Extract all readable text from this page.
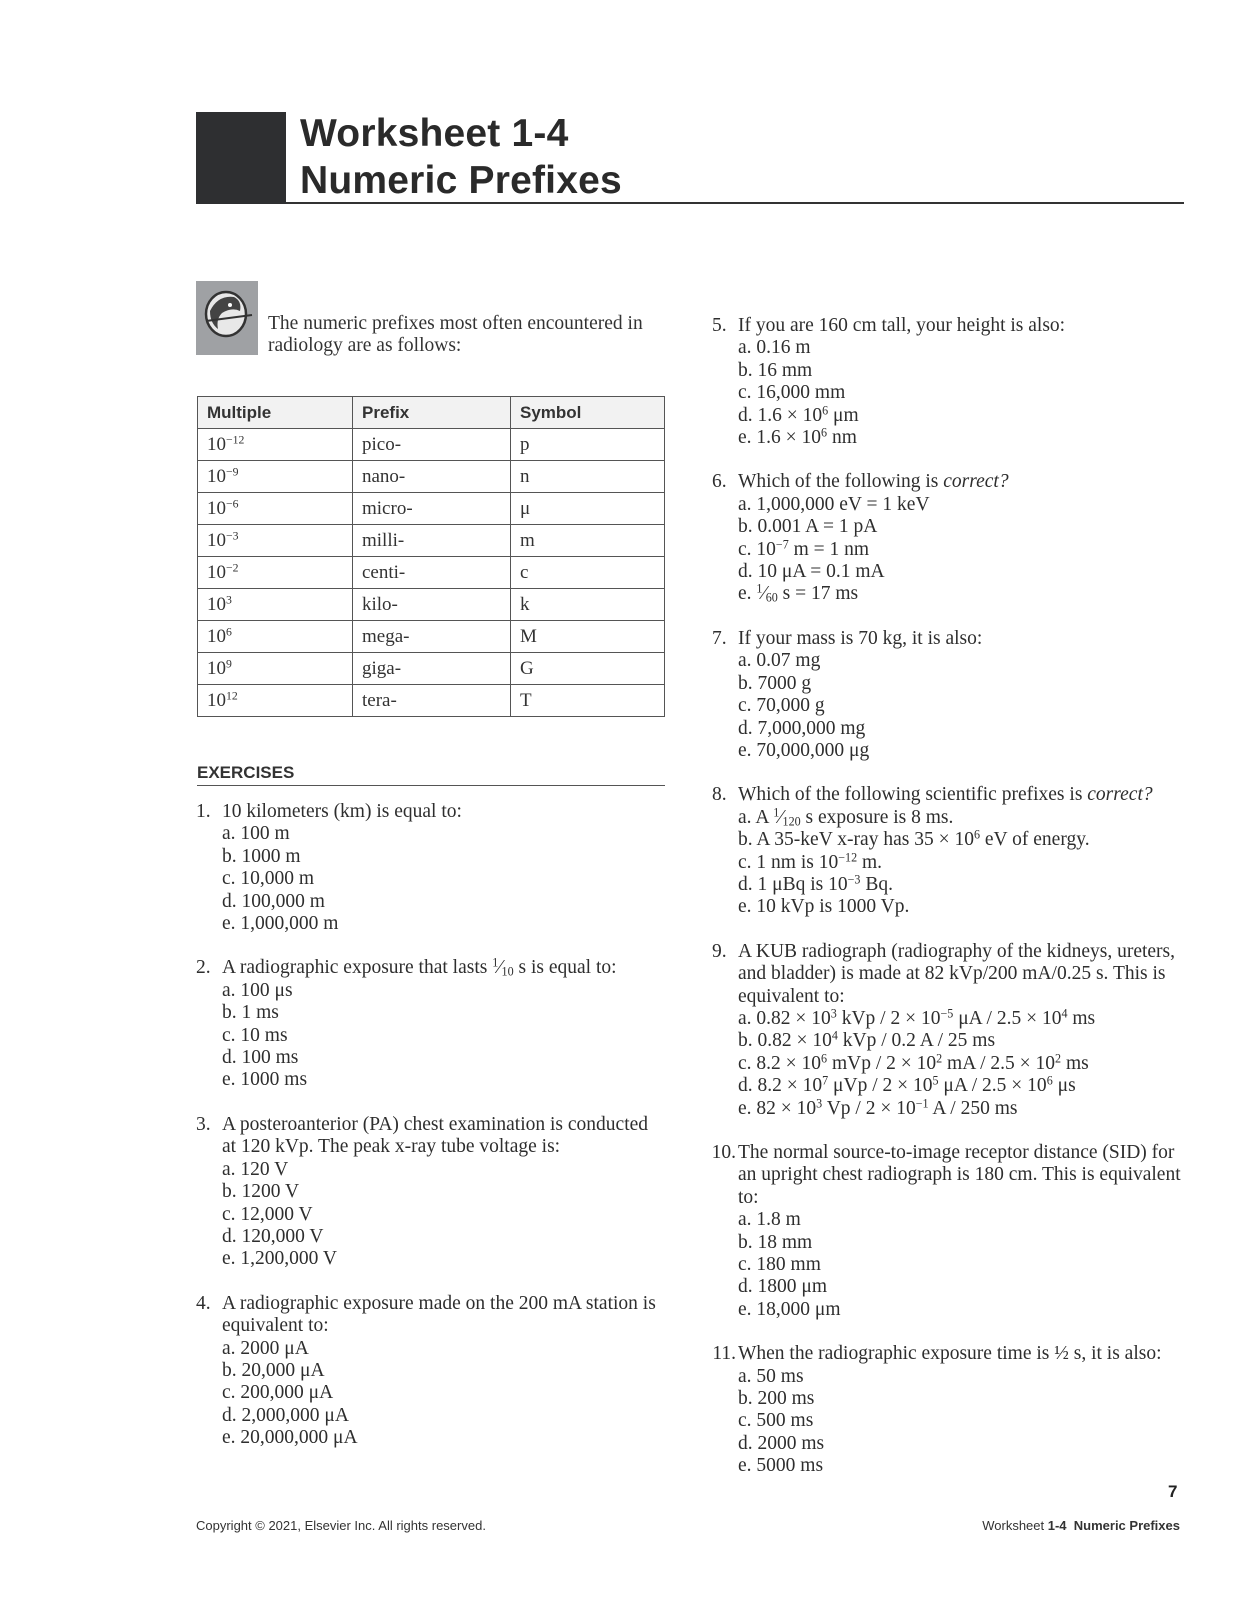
Worksheet 1-4
Numeric Prefixes
The numeric prefixes most often encountered in radiology are as follows:
Multiple	Prefix	Symbol
$10^{-12}$	pico-	p
$10^{-9}$	nano-	n
$10^{-6}$	micro-	μ
$10^{-3}$	milli-	m
$10^{-2}$	centi-	c
$10^3$	kilo-	k
$10^6$	mega-	M
$10^9$	giga-	G
$10^{12}$	tera-	T
EXERCISES
1. 10 kilometers (km) is equal to:
a. 100 m
b. 1000 m
c. 10,000 m
d. 100,000 m
e. 1,000,000 m
2. A radiographic exposure that lasts $^1⁄_{10}$ s is equal to:
a. 100 μs
b. 1 ms
c. 10 ms
d. 100 ms
e. 1000 ms
3. A posteroanterior (PA) chest examination is conducted at 120 kVp. The peak x-ray tube voltage is:
a. 120 V
b. 1200 V
c. 12,000 V
d. 120,000 V
e. 1,200,000 V
4. A radiographic exposure made on the 200 mA station is equivalent to:
a. 2000 μA
b. 20,000 μA
c. 200,000 μA
d. 2,000,000 μA
e. 20,000,000 μA
5. If you are 160 cm tall, your height is also:
a. 0.16 m
b. 16 mm
c. 16,000 mm
d. $1.6 \times 10^6$ μm
e. $1.6 \times 10^6$ nm
6. Which of the following is correct?
a. 1,000,000 eV = 1 keV
b. 0.001 A = 1 pA
c. $10^{-7}$ m = 1 nm
d. 10 μA = 0.1 mA
e. $^1⁄_{60}$ s = 17 ms
7. If your mass is 70 kg, it is also:
a. 0.07 mg
b. 7000 g
c. 70,000 g
d. 7,000,000 mg
e. 70,000,000 μg
8. Which of the following scientific prefixes is correct?
a. A $^1⁄_{120}$ s exposure is 8 ms.
b. A 35-keV x-ray has $35 \times 10^6$ eV of energy.
c. 1 nm is $10^{-12}$ m.
d. 1 μBq is $10^{-3}$ Bq.
e. 10 kVp is 1000 Vp.
9. A KUB radiograph (radiography of the kidneys, ureters, and bladder) is made at 82 kVp/200 mA/0.25 s. This is equivalent to:
a. $0.82 \times 10^3$ kVp / $2 \times 10^{-5}$ $\mu A / 2.5 \times 10^4$ ms
b. $0.82 \times 10^4$ kVp / 0.2 A / 25 ms
c. $8.2 \times 10^6$ mVp / $2 \times 10^2$ mA / $2.5 \times 10^2$ ms
d. $8.2 \times 10^7$ $\mu Vp / 2 \times 10^5$ $\mu A / 2.5 \times 10^6$ μs
e. $82 \times 10^3$ $Vp / 2 \times 10^{-1}$ A / 250 ms
10. The normal source-to-image receptor distance (SID) for an upright chest radiograph is 180 cm. This is equivalent to:
a. 1.8 m
b. 18 mm
c. 180 mm
d. 1800 μm
e. 18,000 μm
11. When the radiographic exposure time is ½ s, it is also:
a. 50 ms
b. 200 ms
c. 500 ms
d. 2000 ms
e. 5000 ms
7
Copyright © 2021, Elsevier Inc. All rights reserved.	Worksheet 1-4 Numeric Prefixes
